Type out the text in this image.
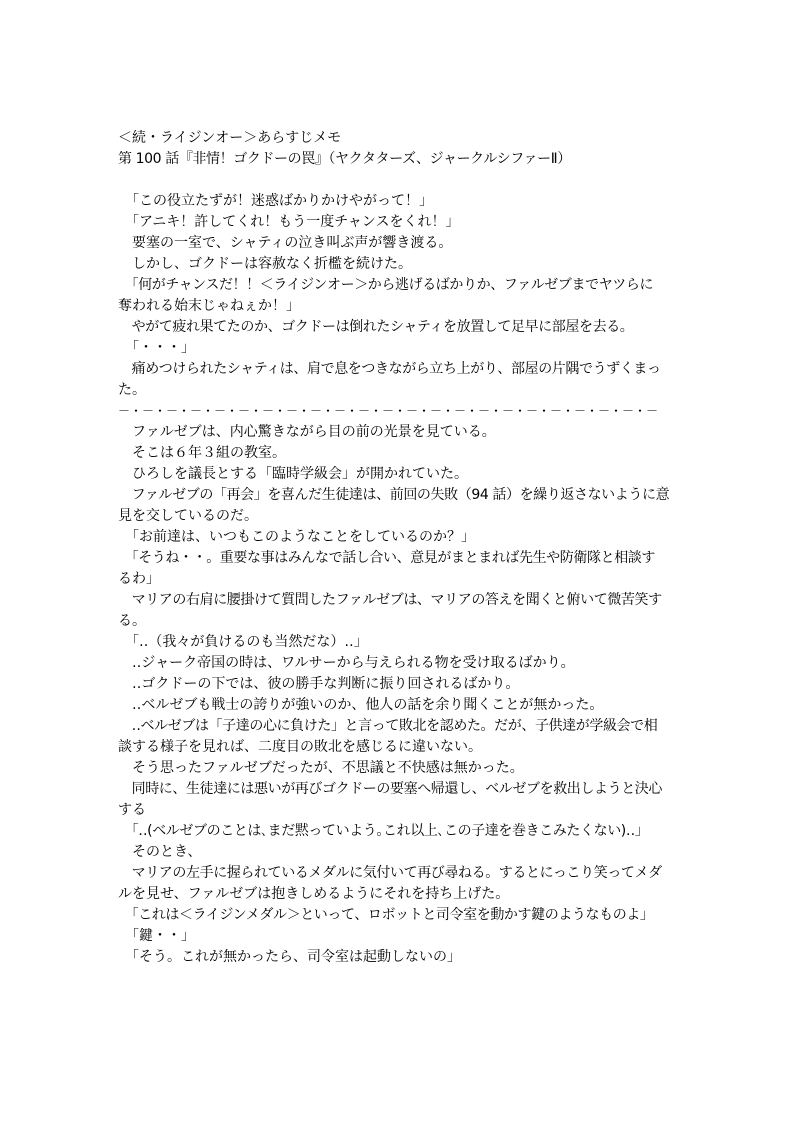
＜続・ライジンオー＞あらすじメモ
第 100 話『非情！ゴクドーの罠』（ヤクタターズ、ジャークルシファーⅡ）
　「この役立たずが！迷惑ばかりかけやがって！」
　「アニキ！許してくれ！もう一度チャンスをくれ！」
　要塞の一室で、シャティの泣き叫ぶ声が響き渡る。
　しかし、ゴクドーは容赦なく折檻を続けた。
　「何がチャンスだ！！＜ライジンオー＞から逃げるばかりか、ファルゼブまでヤツらに
奪われる始末じゃねぇか！」
　やがて疲れ果てたのか、ゴクドーは倒れたシャティを放置して足早に部屋を去る。
　「・・・」
　痛めつけられたシャティは、肩で息をつきながら立ち上がり、部屋の片隅でうずくまっ
た。
－・－・－・－・－・－・－・－・－・－・－・－・－・－・－・－・－・－・－・－・－・－・－
　ファルゼブは、内心驚きながら目の前の光景を見ている。
　そこは６年３組の教室。
　ひろしを議長とする「臨時学級会」が開かれていた。
　ファルゼブの「再会」を喜んだ生徒達は、前回の失敗（94 話）を繰り返さないように意
見を交しているのだ。
　「お前達は、いつもこのようなことをしているのか？」
　「そうね・・。重要な事はみんなで話し合い、意見がまとまれば先生や防衛隊と相談す
るわ」
　マリアの右肩に腰掛けて質問したファルゼブは、マリアの答えを聞くと俯いて微苦笑す
る。
　「‥（我々が負けるのも当然だな）‥」
　‥ジャーク帝国の時は、ワルサーから与えられる物を受け取るばかり。
　‥ゴクドーの下では、彼の勝手な判断に振り回されるばかり。
　‥ベルゼブも戦士の誇りが強いのか、他人の話を余り聞くことが無かった。
　‥ベルゼブは「子達の心に負けた」と言って敗北を認めた。だが、子供達が学級会で相
談する様子を見れば、二度目の敗北を感じるに違いない。
　そう思ったファルゼブだったが、不思議と不快感は無かった。
　同時に、生徒達には悪いが再びゴクドーの要塞へ帰還し、ベルゼブを救出しようと決心
する
　「‥(ベルゼブのことは､まだ黙っていよう｡これ以上､この子達を巻きこみたくない)‥」
　そのとき、
　マリアの左手に握られているメダルに気付いて再び尋ねる。するとにっこり笑ってメダ
ルを見せ、ファルゼブは抱きしめるようにそれを持ち上げた。
　「これは＜ライジンメダル＞といって、ロボットと司令室を動かす鍵のようなものよ」
　「鍵・・」
　「そう。これが無かったら、司令室は起動しないの」
